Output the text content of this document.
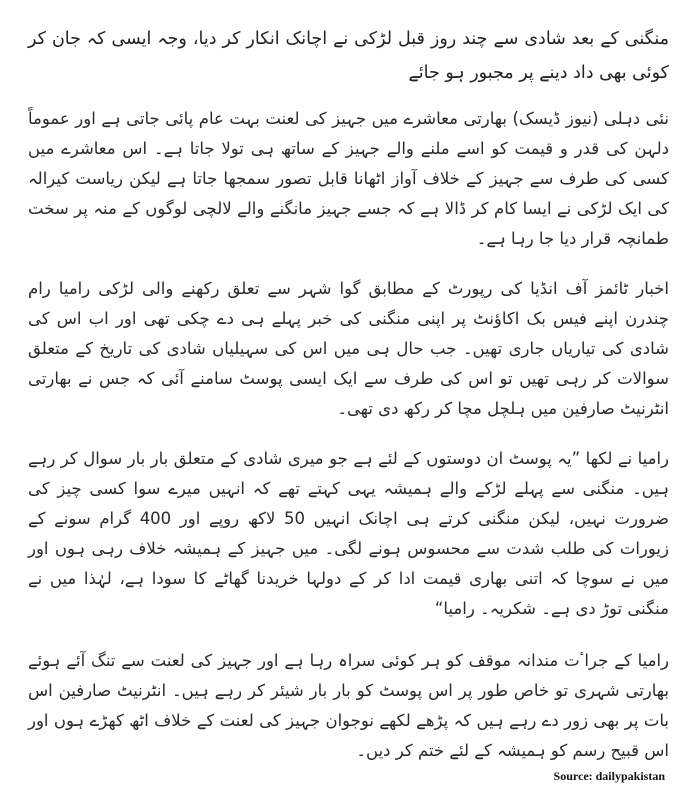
منگنی کے بعد شادی سے چند روز قبل لڑکی نے اچانک انکار کر دیا، وجہ ایسی کہ جان کر کوئی بھی داد دینے پر مجبور ہو جائے

نئی دہلی (نیوز ڈیسک) بھارتی معاشرے میں جہیز کی لعنت بہت عام پائی جاتی ہے اور عموماً دلہن کی قدر و قیمت کو اسے ملنے والے جہیز کے ساتھ ہی تولا جاتا ہے۔ اس معاشرے میں کسی کی طرف سے جہیز کے خلاف آواز اٹھانا قابل تصور سمجھا جاتا ہے لیکن ریاست کیرالہ کی ایک لڑکی نے ایسا کام کر ڈالا ہے کہ جسے جہیز مانگنے والے لالچی لوگوں کے منہ پر سخت طمانچہ قرار دیا جا رہا ہے۔

اخبار ٹائمز آف انڈیا کی رپورٹ کے مطابق گوا شہر سے تعلق رکھنے والی لڑکی رامیا رام چندرن اپنے فیس بک اکاﺅنٹ پر اپنی منگنی کی خبر پہلے ہی دے چکی تھی اور اب اس کی شادی کی تیاریاں جاری تھیں۔ جب حال ہی میں اس کی سہیلیاں شادی کی تاریخ کے متعلق سوالات کر رہی تھیں تو اس کی طرف سے ایک ایسی پوسٹ سامنے آئی کہ جس نے بھارتی انٹرنیٹ صارفین میں ہلچل مچا کر رکھ دی تھی۔

رامیا نے لکھا ”یہ پوسٹ ان دوستوں کے لئے ہے جو میری شادی کے متعلق بار بار سوال کر رہے ہیں۔ منگنی سے پہلے لڑکے والے ہمیشہ یہی کہتے تھے کہ انہیں میرے سوا کسی چیز کی ضرورت نہیں، لیکن منگنی کرتے ہی اچانک انہیں 50 لاکھ روپے اور 400 گرام سونے کے زیورات کی طلب شدت سے محسوس ہونے لگی۔ میں جہیز کے ہمیشہ خلاف رہی ہوں اور میں نے سوچا کہ اتنی بھاری قیمت ادا کر کے دولہا خریدنا گھاٹے کا سودا ہے، لہٰذا میں نے منگنی توڑ دی ہے۔ شکریہ۔ رامیا“

رامیا کے جراٴت مندانہ موقف کو ہر کوئی سراہ رہا ہے اور جہیز کی لعنت سے تنگ آئے ہوئے بھارتی شہری تو خاص طور پر اس پوسٹ کو بار بار شیئر کر رہے ہیں۔ انٹرنیٹ صارفین اس بات پر بھی زور دے رہے ہیں کہ پڑھے لکھے نوجوان جہیز کی لعنت کے خلاف اٹھ کھڑے ہوں اور اس قبیح رسم کو ہمیشہ کے لئے ختم کر دیں۔

Source: dailypakistan
